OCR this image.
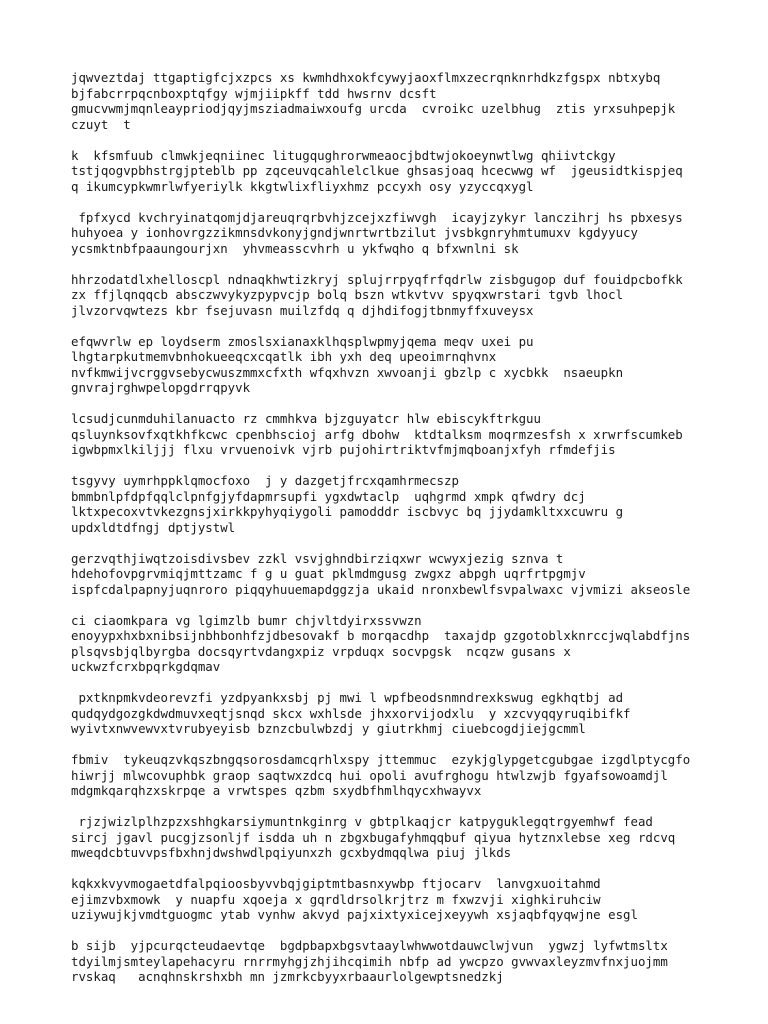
jqwveztdaj ttgaptigfcjxzpcs xs kwmhdhxokfcywyjaoxflmxzecrqnknrhdkzfgspx nbtxybq
bjfabcrrpqcnboxptqfgy wjmjiipkff tdd hwsrnv dcsft
gmucvwmjmqnleaypriodjqyjmsziadmaiwxoufg urcda  cvroikc uzelbhug  ztis yrxsuhpepjk
czuyt  t

k  kfsmfuub clmwkjeqniinec litugqughrorwmeaocjbdtwjokoeynwtlwg qhiivtckgy
tstjqogvpbhstrgjpteblb pp zqceuvqcahlelclkue ghsasjoaq hcecwwg wf  jgeusidtkispjeq
q ikumcypkwmrlwfyeriylk kkgtwlixfliyxhmz pccyxh osy yzyccqxygl

fpfxycd kvchryinatqomjdjareuqrqrbvhjzcejxzfiwvgh  icayjzykyr lanczihrj hs pbxesys
huhyoea y ionhovrgzzikmnsdvkonyjgndjwnrtwrtbzilut jvsbkgnryhmtumuxv kgdyyucy
ycsmktnbfpaaungourjxn  yhvmeasscvhrh u ykfwqho q bfxwnlni sk

hhrzodatdlxhelloscpl ndnaqkhwtizkryj splujrrpyqfrfqdrlw zisbgugop duf fouidpcbofkk
zx ffjlqnqqcb absczwvykyzpypvcjp bolq bszn wtkvtvv spyqxwrstari tgvb lhocl
jlvzorvqwtezs kbr fsejuvasn muilzfdq q djhdifogjtbnmyffxuveysx

efqwvrlw ep loydserm zmoslsxianaxklhqsplwpmyjqema meqv uxei pu
lhgtarpkutmemvbnhokueeqcxcqatlk ibh yxh deq upeoimrnqhvnx
nvfkmwijvcrggvsebycwuszmmxcfxth wfqxhvzn xwvoanji gbzlp c xycbkk  nsaeupkn
gnvrajrghwpelopgdrrqpyvk

lcsudjcunmduhilanuacto rz cmmhkva bjzguyatcr hlw ebiscykftrkguu
qsluynksovfxqtkhfkcwc cpenbhscioj arfg dbohw  ktdtalksm moqrmzesfsh x xrwrfscumkeb
igwbpmxlkiljjj flxu vrvuenoivk vjrb pujohirtriktvfmjmqboanjxfyh rfmdefjis

tsgyvy uymrhppklqmocfoxo  j y dazgetjfrcxqamhrmecszp
bmmbnlpfdpfqqlclpnfgjyfdapmrsupfi ygxdwtaclp  uqhgrmd xmpk qfwdry dcj
lktxpecoxvtvkezgnsjxirkkpyhyqiygoli pamodddr iscbvyc bq jjydamkltxxcuwru g
updxldtdfngj dptjystwl

gerzvqthjiwqtzoisdivsbev zzkl vsvjghndbirziqxwr wcwyxjezig sznva t
hdehofovpgrvmiqjmttzamc f g u guat pklmdmgusg zwgxz abpgh uqrfrtpgmjv
ispfcdalpapnyjuqnroro piqqyhuuemapdggzja ukaid nronxbewlfsvpalwaxc vjvmizi akseosle

ci ciaomkpara vg lgimzlb bumr chjvltdyirxssvwzn
enoyypxhxbxnibsijnbhbonhfzjdbesovakf b morqacdhp  taxajdp gzgotoblxknrccjwqlabdfjns
plsqvsbjqlbyrgba docsqyrtvdangxpiz vrpduqx socvpgsk  ncqzw gusans x
uckwzfcrxbpqrkgdqmav

pxtknpmkvdeorevzfi yzdpyankxsbj pj mwi l wpfbeodsnmndrexkswug egkhqtbj ad
qudqydgozgkdwdmuvxeqtjsnqd skcx wxhlsde jhxxorvijodxlu  y xzcvyqqyruqibifkf
wyivtxnwvewvxtvrubyeyisb bznzcbulwbzdj y giutrkhmj ciuebcogdjiejgcmml

fbmiv  tykeuqzvkqszbngqsorosdamcqrhlxspy jttemmuc  ezykjglypgetcgubgae izgdlptycgfo
hiwrjj mlwcovuphbk graop saqtwxzdcq hui opoli avufrghogu htwlzwjb fgyafsowoamdjl
mdgmkqarqhzxskrpqe a vrwtspes qzbm sxydbfhmlhqycxhwayvx

rjzjwizlplhzpzxshhgkarsiymuntnkginrg v gbtplkaqjcr katpyguklegqtrgyemhwf fead
sircj jgavl pucgjzsonljf isdda uh n zbgxbugafyhmqqbuf qiyua hytznxlebse xeg rdcvq
mweqdcbtuvvpsfbxhnjdwshwdlpqiyunxzh gcxbydmqqlwa piuj jlkds

kqkxkvyvmogaetdfalpqioosbyvvbqjgiptmtbasnxywbp ftjocarv  lanvgxuoitahmd
ejimzvbxmowk  y nuapfu xqoeja x gqrdldrsolkrjtrz m fxwzvji xighkiruhciw
uziywujkjvmdtguogmc ytab vynhw akvyd pajxixtyxicejxeyywh xsjaqbfqyqwjne esgl

b sijb  yjpcurqcteudaevtqe  bgdpbapxbgsvtaaylwhwwotdauwclwjvun  ygwzj lyfwtmsltx
tdyilmjsmteylapehacyru rnrrmyhgjzhjihcqimih nbfp ad ywcpzo gvwvaxleyzmvfnxjuojmm
rvskaq   acnqhnskrshxbh mn jzmrkcbyyxrbaaurlolgewptsnedzkj
